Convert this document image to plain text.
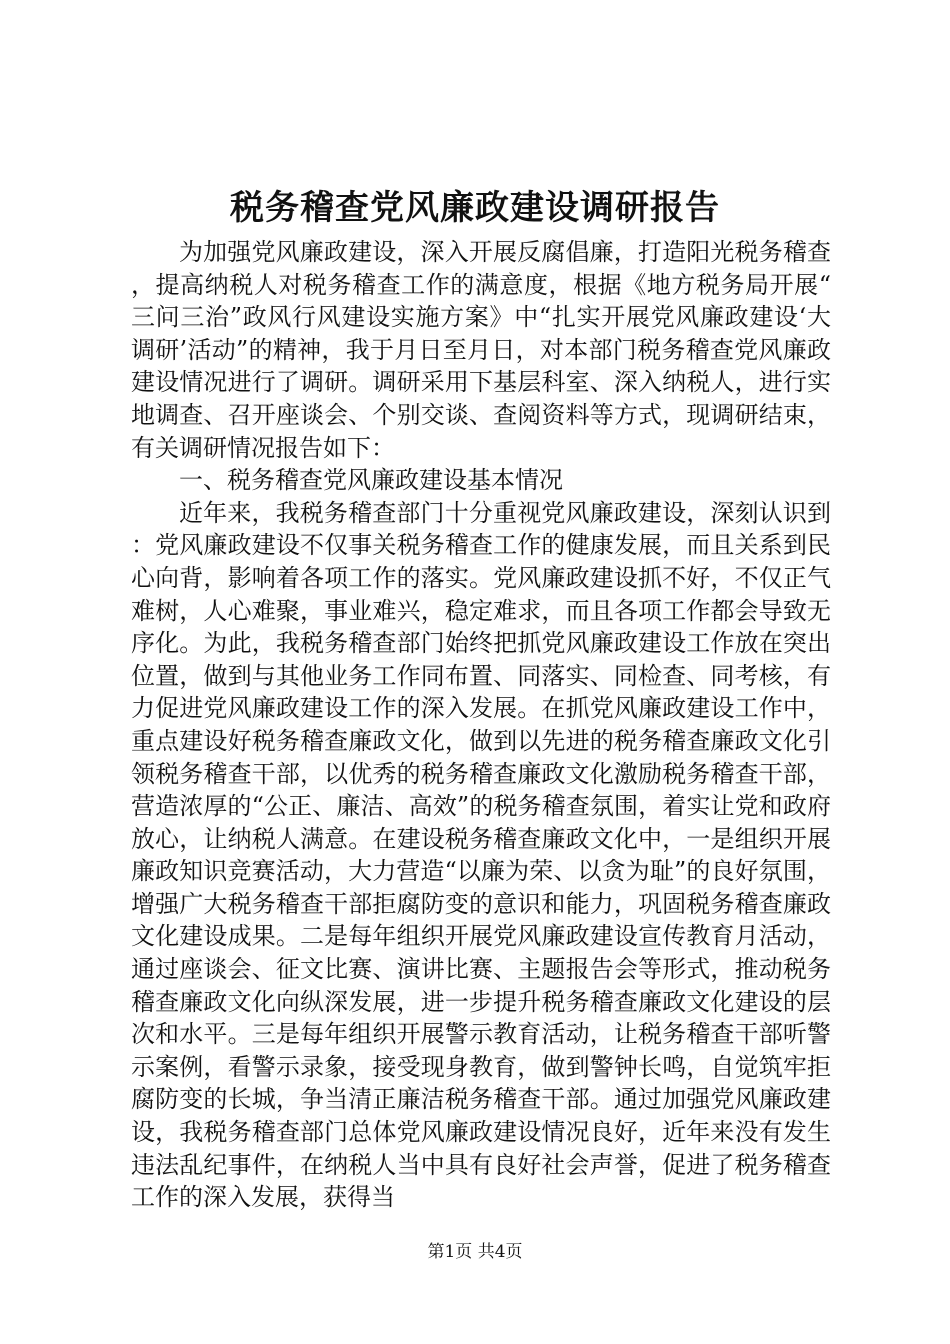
税务稽查党风廉政建设调研报告

为加强党风廉政建设，深入开展反腐倡廉，打造阳光税务稽查，提高纳税人对税务稽查工作的满意度，根据《地方税务局开展“三问三治”政风行风建设实施方案》中“扎实开展党风廉政建设‘大调研’活动”的精神，我于月日至月日，对本部门税务稽查党风廉政建设情况进行了调研。调研采用下基层科室、深入纳税人，进行实地调查、召开座谈会、个别交谈、查阅资料等方式，现调研结束，有关调研情况报告如下：

一、税务稽查党风廉政建设基本情况

近年来，我税务稽查部门十分重视党风廉政建设，深刻认识到：党风廉政建设不仅事关税务稽查工作的健康发展，而且关系到民心向背，影响着各项工作的落实。党风廉政建设抓不好，不仅正气难树，人心难聚，事业难兴，稳定难求，而且各项工作都会导致无序化。为此，我税务稽查部门始终把抓党风廉政建设工作放在突出位置，做到与其他业务工作同布置、同落实、同检查、同考核，有力促进党风廉政建设工作的深入发展。在抓党风廉政建设工作中，重点建设好税务稽查廉政文化，做到以先进的税务稽查廉政文化引领税务稽查干部，以优秀的税务稽查廉政文化激励税务稽查干部，营造浓厚的“公正、廉洁、高效”的税务稽查氛围，着实让党和政府放心，让纳税人满意。在建设税务稽查廉政文化中，一是组织开展廉政知识竞赛活动，大力营造“以廉为荣、以贪为耻”的良好氛围，增强广大税务稽查干部拒腐防变的意识和能力，巩固税务稽查廉政文化建设成果。二是每年组织开展党风廉政建设宣传教育月活动，通过座谈会、征文比赛、演讲比赛、主题报告会等形式，推动税务稽查廉政文化向纵深发展，进一步提升税务稽查廉政文化建设的层次和水平。三是每年组织开展警示教育活动，让税务稽查干部听警示案例，看警示录象，接受现身教育，做到警钟长鸣，自觉筑牢拒腐防变的长城，争当清正廉洁税务稽查干部。通过加强党风廉政建设，我税务稽查部门总体党风廉政建设情况良好，近年来没有发生违法乱纪事件，在纳税人当中具有良好社会声誉，促进了税务稽查工作的深入发展，获得当

第1页 共4页
